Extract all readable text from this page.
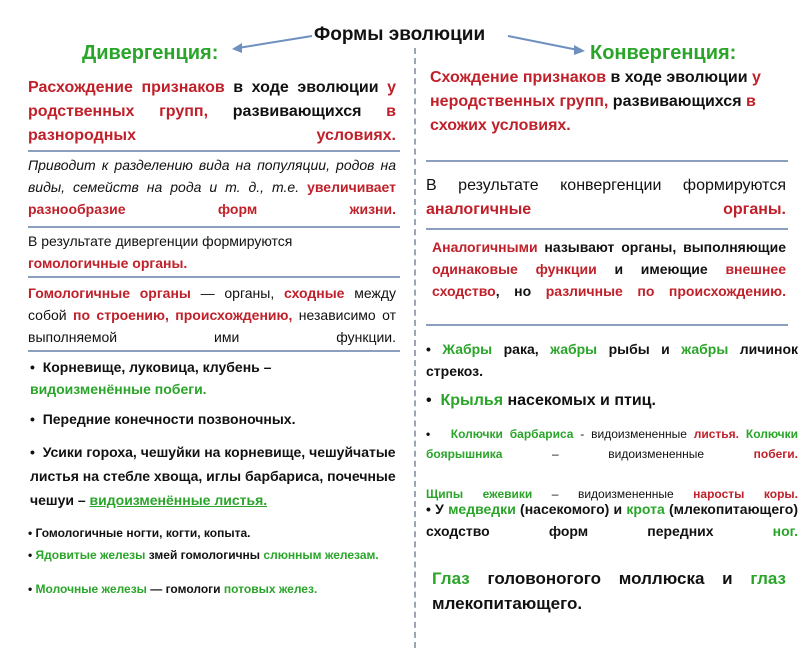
Формы эволюции
Дивергенция:
Расхождение признаков в ходе эволюции у родственных групп, развивающихся в разнородных условиях.
Приводит к разделению вида на популяции, родов на виды, семейств на рода и т. д., т.е. увеличивает разнообразие форм жизни.
В результате дивергенции формируются гомологичные органы.
Гомологичные органы — органы, сходные между собой по строению, происхождению, независимо от выполняемой ими функции.
•  Корневище, луковица, клубень – видоизменённые побеги.
•  Передние конечности позвоночных.
•  Усики гороха, чешуйки на корневище, чешуйчатые листья на стебле хвоща, иглы барбариса, почечные чешуи – видоизменённые листья.
• Гомологичные ногти, когти, копыта.
• Ядовитые железы змей гомологичны слюнным железам.
• Молочные железы — гомологи потовых желез.
Конвергенция:
Схождение признаков в ходе эволюции у неродственных групп, развивающихся в схожих условиях.
В результате конвергенции формируются аналогичные органы.
Аналогичными называют органы, выполняющие одинаковые функции и имеющие внешнее сходство, но различные по происхождению.
• Жабры рака, жабры рыбы и жабры личинок стрекоз.
•  Крылья насекомых и птиц.
• Колючки барбариса - видоизмененные листья. Колючки боярышника – видоизмененные побеги.
Щипы ежевики – видоизмененные наросты коры.
• У медведки (насекомого) и крота (млекопитающего) сходство форм передних ног.
Глаз головоногого моллюска и глаз млекопитающего.
